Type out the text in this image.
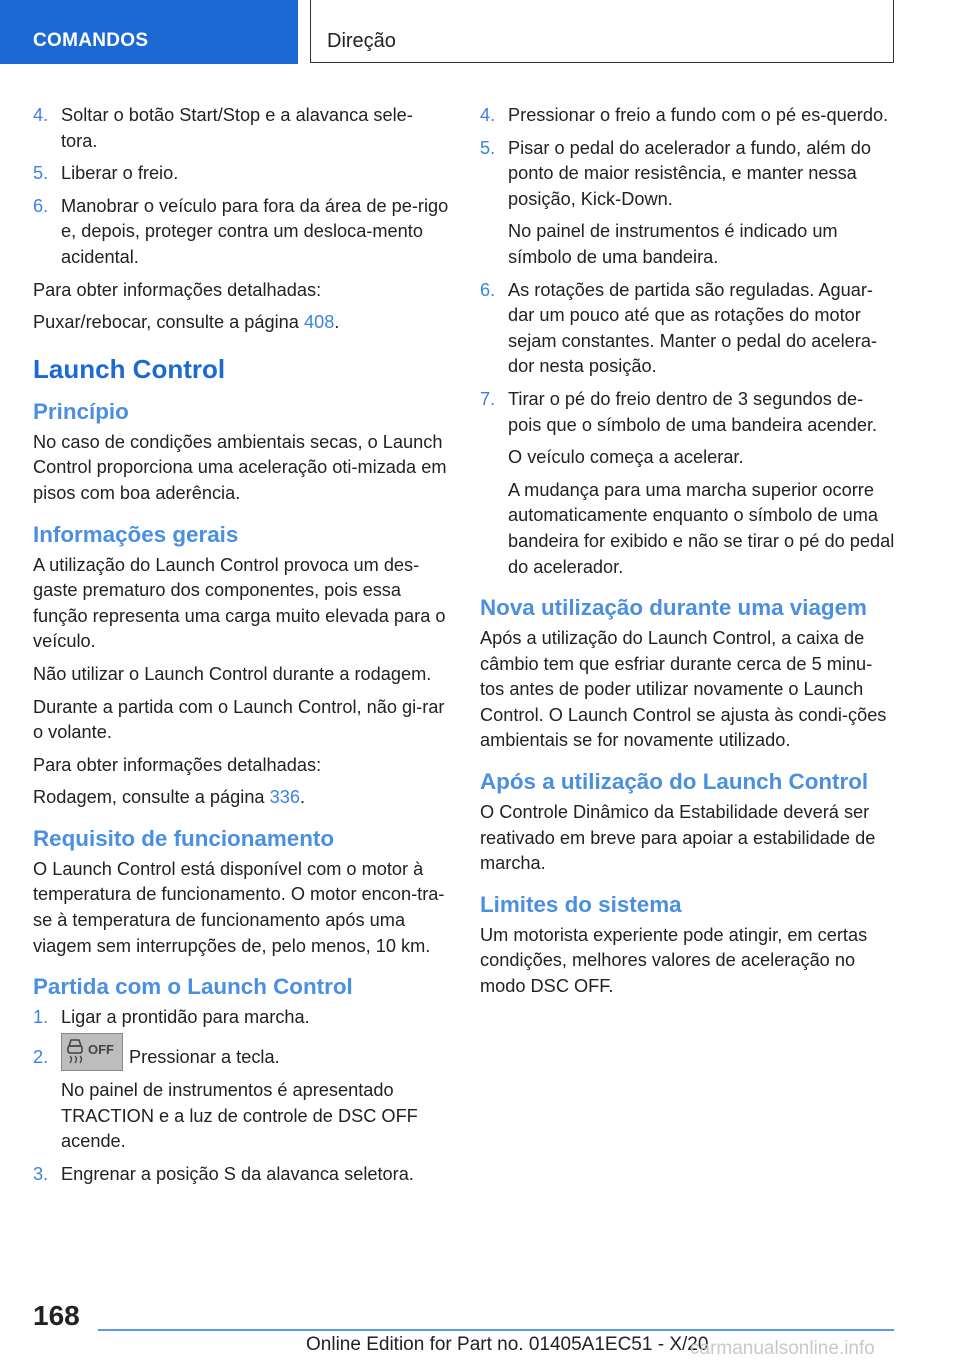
COMANDOS	Direção
4. Soltar o botão Start/Stop e a alavanca sele-tora.
5. Liberar o freio.
6. Manobrar o veículo para fora da área de pe-rigo e, depois, proteger contra um desloca-mento acidental.

Para obter informações detalhadas:

Puxar/rebocar, consulte a página 408.

Launch Control
Princípio

No caso de condições ambientais secas, o Launch Control proporciona uma aceleração oti-mizada em pisos com boa aderência.

Informações gerais

A utilização do Launch Control provoca um des-gaste prematuro dos componentes, pois essa função representa uma carga muito elevada para o veículo.

Não utilizar o Launch Control durante a rodagem.

Durante a partida com o Launch Control, não gi-rar o volante.

Para obter informações detalhadas:

Rodagem, consulte a página 336.

Requisito de funcionamento

O Launch Control está disponível com o motor à temperatura de funcionamento. O motor encon-tra-se à temperatura de funcionamento após uma viagem sem interrupções de, pelo menos, 10 km.

Partida com o Launch Control
1. Ligar a prontidão para marcha.
2.	OFF Pressionar a tecla.

No painel de instrumentos é apresentado TRACTION e a luz de controle de DSC OFF acende.

3. Engrenar a posição S da alavanca seletora.
4. Pressionar o freio a fundo com o pé es-querdo.
5. Pisar o pedal do acelerador a fundo, além do ponto de maior resistência, e manter nessa posição, Kick-Down.

No painel de instrumentos é indicado um símbolo de uma bandeira.

6. As rotações de partida são reguladas. Aguar-dar um pouco até que as rotações do motor sejam constantes. Manter o pedal do acelera-dor nesta posição.
7. Tirar o pé do freio dentro de 3 segundos de-pois que o símbolo de uma bandeira acender.

O veículo começa a acelerar.

A mudança para uma marcha superior ocorre automaticamente enquanto o símbolo de uma bandeira for exibido e não se tirar o pé do pedal do acelerador.

Nova utilização durante uma viagem

Após a utilização do Launch Control, a caixa de câmbio tem que esfriar durante cerca de 5 minu-tos antes de poder utilizar novamente o Launch Control. O Launch Control se ajusta às condi-ções ambientais se for novamente utilizado.

Após a utilização do Launch Control

O Controle Dinâmico da Estabilidade deverá ser reativado em breve para apoiar a estabilidade de marcha.

Limites do sistema

Um motorista experiente pode atingir, em certas condições, melhores valores de aceleração no modo DSC OFF.

168
Online Edition for Part no. 01405A1EC51 - X/20
carmanualsonline.info
